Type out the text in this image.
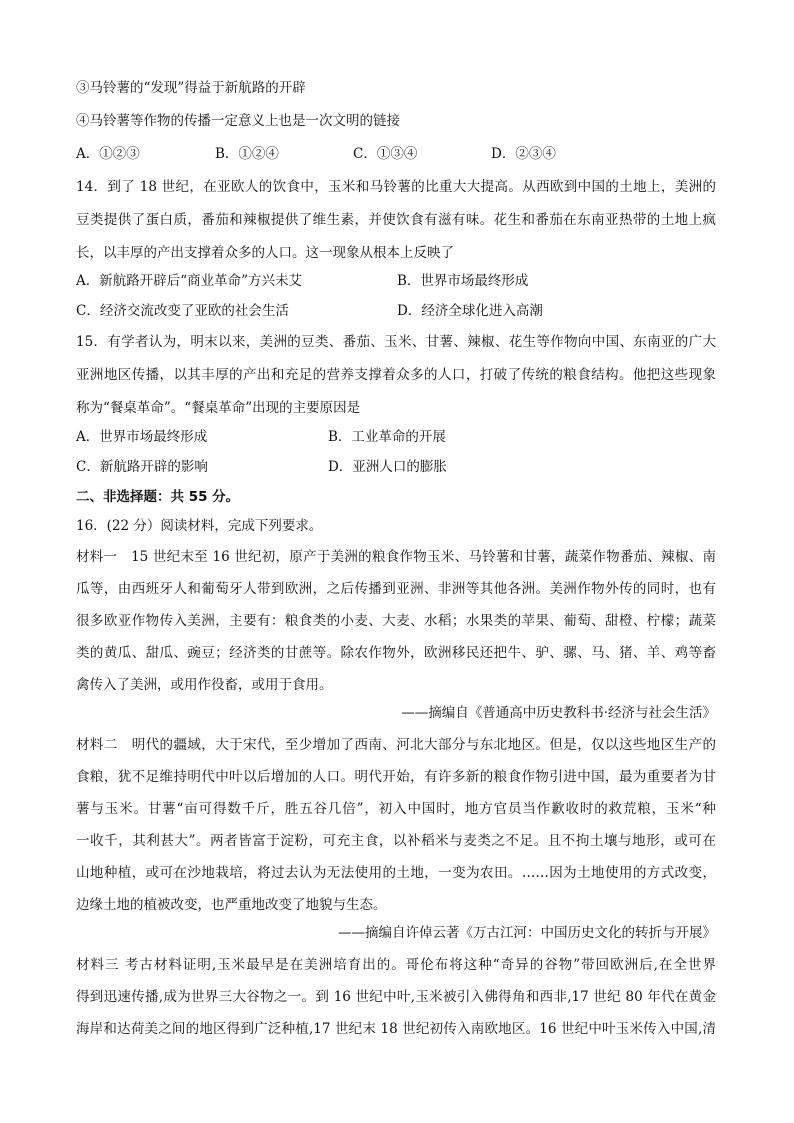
③马铃薯的“发现”得益于新航路的开辟
④马铃薯等作物的传播一定意义上也是一次文明的链接
A．①②③	B．①②④	C．①③④	D．②③④
14．到了 18 世纪，在亚欧人的饮食中，玉米和马铃薯的比重大大提高。从西欧到中国的土地上，美洲的
豆类提供了蛋白质，番茄和辣椒提供了维生素，并使饮食有滋有味。花生和番茄在东南亚热带的土地上疯
长，以丰厚的产出支撑着众多的人口。这一现象从根本上反映了
A．新航路开辟后“商业革命”方兴未艾	B．世界市场最终形成
C．经济交流改变了亚欧的社会生活	D．经济全球化进入高潮
15．有学者认为，明末以来，美洲的豆类、番茄、玉米、甘薯、辣椒、花生等作物向中国、东南亚的广大
亚洲地区传播，以其丰厚的产出和充足的营养支撑着众多的人口，打破了传统的粮食结构。他把这些现象
称为“餐桌革命”。“餐桌革命”出现的主要原因是
A．世界市场最终形成	B．工业革命的开展
C．新航路开辟的影响	D．亚洲人口的膨胀
二、非选择题：共 55 分。
16．(22 分）阅读材料，完成下列要求。
材料一　15 世纪末至 16 世纪初，原产于美洲的粮食作物玉米、马铃薯和甘薯，蔬菜作物番茄、辣椒、南
瓜等，由西班牙人和葡萄牙人带到欧洲，之后传播到亚洲、非洲等其他各洲。美洲作物外传的同时，也有
很多欧亚作物传入美洲，主要有：粮食类的小麦、大麦、水稻；水果类的苹果、葡萄、甜橙、柠檬；蔬菜
类的黄瓜、甜瓜、豌豆；经济类的甘蔗等。除农作物外，欧洲移民还把牛、驴、骡、马、猪、羊、鸡等畜
禽传入了美洲，或用作役畜，或用于食用。
——摘编自《普通高中历史教科书·经济与社会生活》
材料二　明代的疆域，大于宋代，至少增加了西南、河北大部分与东北地区。但是，仅以这些地区生产的
食粮，犹不足维持明代中叶以后增加的人口。明代开始，有许多新的粮食作物引进中国，最为重要者为甘
薯与玉米。甘薯“亩可得数千斤，胜五谷几倍”，初入中国时，地方官员当作歉收时的救荒粮，玉米“种
一收千，其利甚大”。两者皆富于淀粉，可充主食，以补稻米与麦类之不足。且不拘土壤与地形，或可在
山地种植，或可在沙地栽培，将过去认为无法使用的土地，一变为农田。……因为土地使用的方式改变，
边缘土地的植被改变，也严重地改变了地貌与生态。
——摘编自许倬云著《万古江河：中国历史文化的转折与开展》
材料三 考古材料证明,玉米最早是在美洲培育出的。哥伦布将这种“奇异的谷物”带回欧洲后,在全世界
得到迅速传播,成为世界三大谷物之一。到 16 世纪中叶,玉米被引入佛得角和西非,17 世纪 80 年代在黄金
海岸和达荷美之间的地区得到广泛种植,17 世纪末 18 世纪初传入南欧地区。16 世纪中叶玉米传入中国,清
